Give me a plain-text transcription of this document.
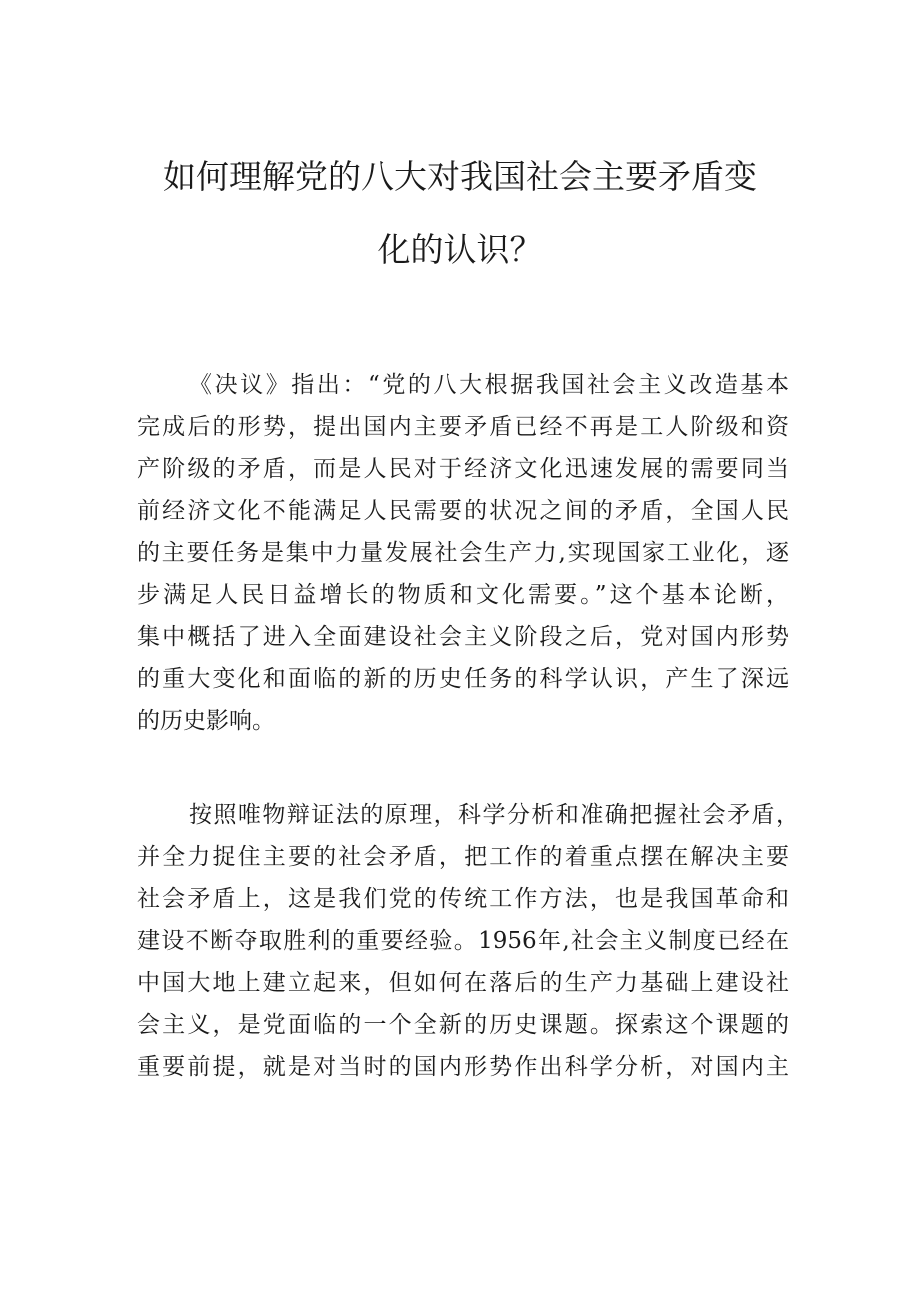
如何理解党的八大对我国社会主要矛盾变
化的认识？
《决议》指出：“党的八大根据我国社会主义改造基本
完成后的形势，提出国内主要矛盾已经不再是工人阶级和资
产阶级的矛盾，而是人民对于经济文化迅速发展的需要同当
前经济文化不能满足人民需要的状况之间的矛盾，全国人民
的主要任务是集中力量发展社会生产力,实现国家工业化，逐
步满足人民日益增长的物质和文化需要。”这个基本论断，
集中概括了进入全面建设社会主义阶段之后，党对国内形势
的重大变化和面临的新的历史任务的科学认识，产生了深远
的历史影响。
按照唯物辩证法的原理，科学分析和准确把握社会矛盾，
并全力捉住主要的社会矛盾，把工作的着重点摆在解决主要
社会矛盾上，这是我们党的传统工作方法，也是我国革命和
建设不断夺取胜利的重要经验。1956年,社会主义制度已经在
中国大地上建立起来，但如何在落后的生产力基础上建设社
会主义，是党面临的一个全新的历史课题。探索这个课题的
重要前提，就是对当时的国内形势作出科学分析，对国内主
